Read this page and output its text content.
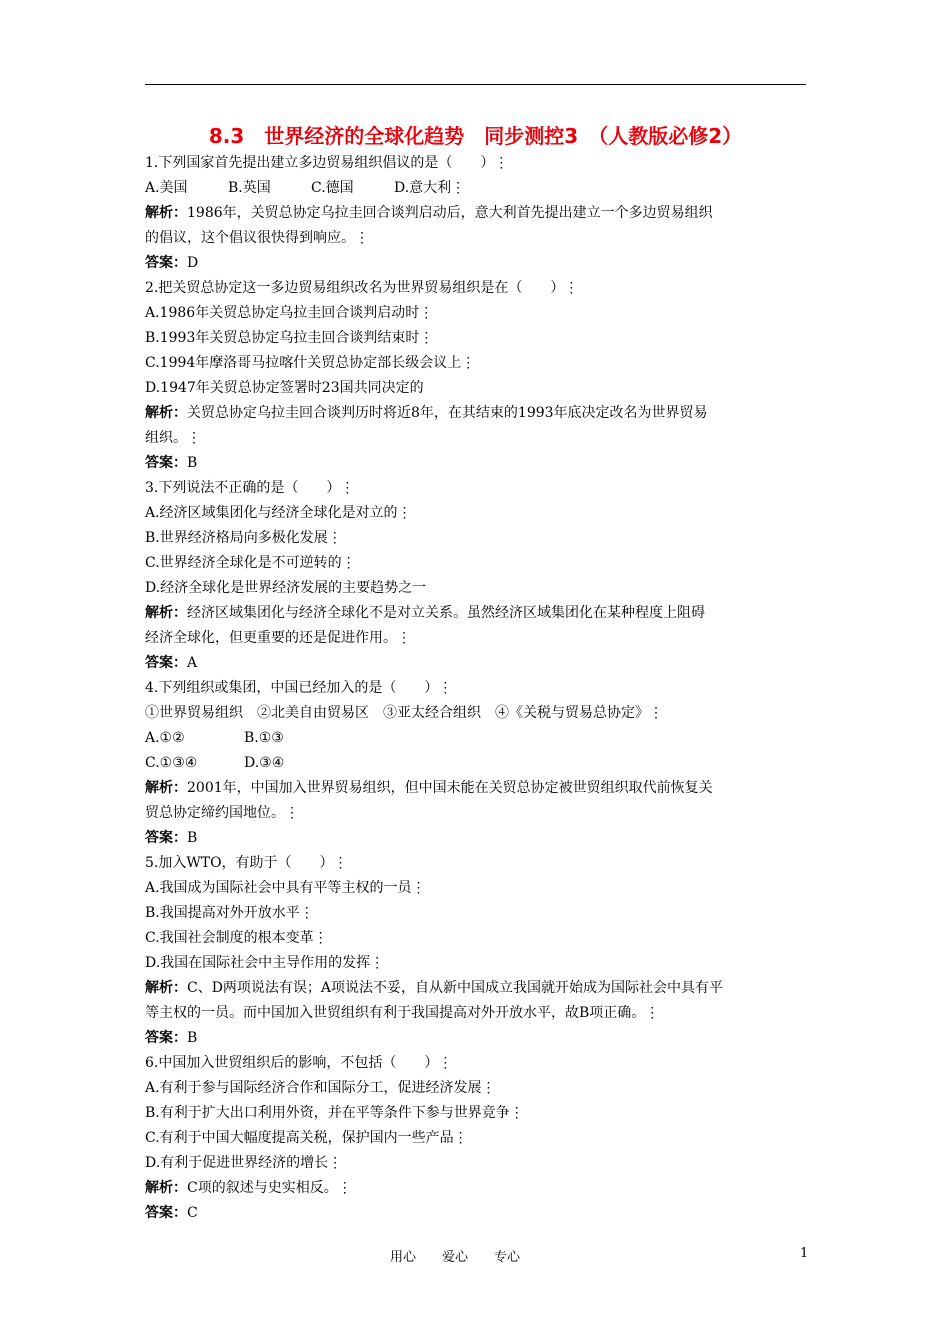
8.3　世界经济的全球化趋势　同步测控3　（人教版必修2）
1.下列国家首先提出建立多边贸易组织倡议的是（　　）⋮
A.美国	B.英国	C.德国	D.意大利⋮
解析：1986年，关贸总协定乌拉圭回合谈判启动后，意大利首先提出建立一个多边贸易组织
的倡议，这个倡议很快得到响应。⋮
答案：D
2.把关贸总协定这一多边贸易组织改名为世界贸易组织是在（　　）⋮
A.1986年关贸总协定乌拉圭回合谈判启动时⋮
B.1993年关贸总协定乌拉圭回合谈判结束时⋮
C.1994年摩洛哥马拉喀什关贸总协定部长级会议上⋮
D.1947年关贸总协定签署时23国共同决定的
解析：关贸总协定乌拉圭回合谈判历时将近8年，在其结束的1993年底决定改名为世界贸易
组织。⋮
答案：B
3.下列说法不正确的是（　　）⋮
A.经济区域集团化与经济全球化是对立的⋮
B.世界经济格局向多极化发展⋮
C.世界经济全球化是不可逆转的⋮
D.经济全球化是世界经济发展的主要趋势之一
解析：经济区域集团化与经济全球化不是对立关系。虽然经济区域集团化在某种程度上阻碍
经济全球化，但更重要的还是促进作用。⋮
答案：A
4.下列组织或集团，中国已经加入的是（　　）⋮
①世界贸易组织　②北美自由贸易区　③亚太经合组织　④《关税与贸易总协定》⋮
A.①②	B.①③
C.①③④	D.③④
解析：2001年，中国加入世界贸易组织，但中国未能在关贸总协定被世贸组织取代前恢复关
贸总协定缔约国地位。⋮
答案：B
5.加入WTO，有助于（　　）⋮
A.我国成为国际社会中具有平等主权的一员⋮
B.我国提高对外开放水平⋮
C.我国社会制度的根本变革⋮
D.我国在国际社会中主导作用的发挥⋮
解析：C、D两项说法有误；A项说法不妥，自从新中国成立我国就开始成为国际社会中具有平
等主权的一员。而中国加入世贸组织有利于我国提高对外开放水平，故B项正确。⋮
答案：B
6.中国加入世贸组织后的影响，不包括（　　）⋮
A.有利于参与国际经济合作和国际分工，促进经济发展⋮
B.有利于扩大出口利用外资，并在平等条件下参与世界竞争⋮
C.有利于中国大幅度提高关税，保护国内一些产品⋮
D.有利于促进世界经济的增长⋮
解析：C项的叙述与史实相反。⋮
答案：C
用心　　爱心　　专心	1
